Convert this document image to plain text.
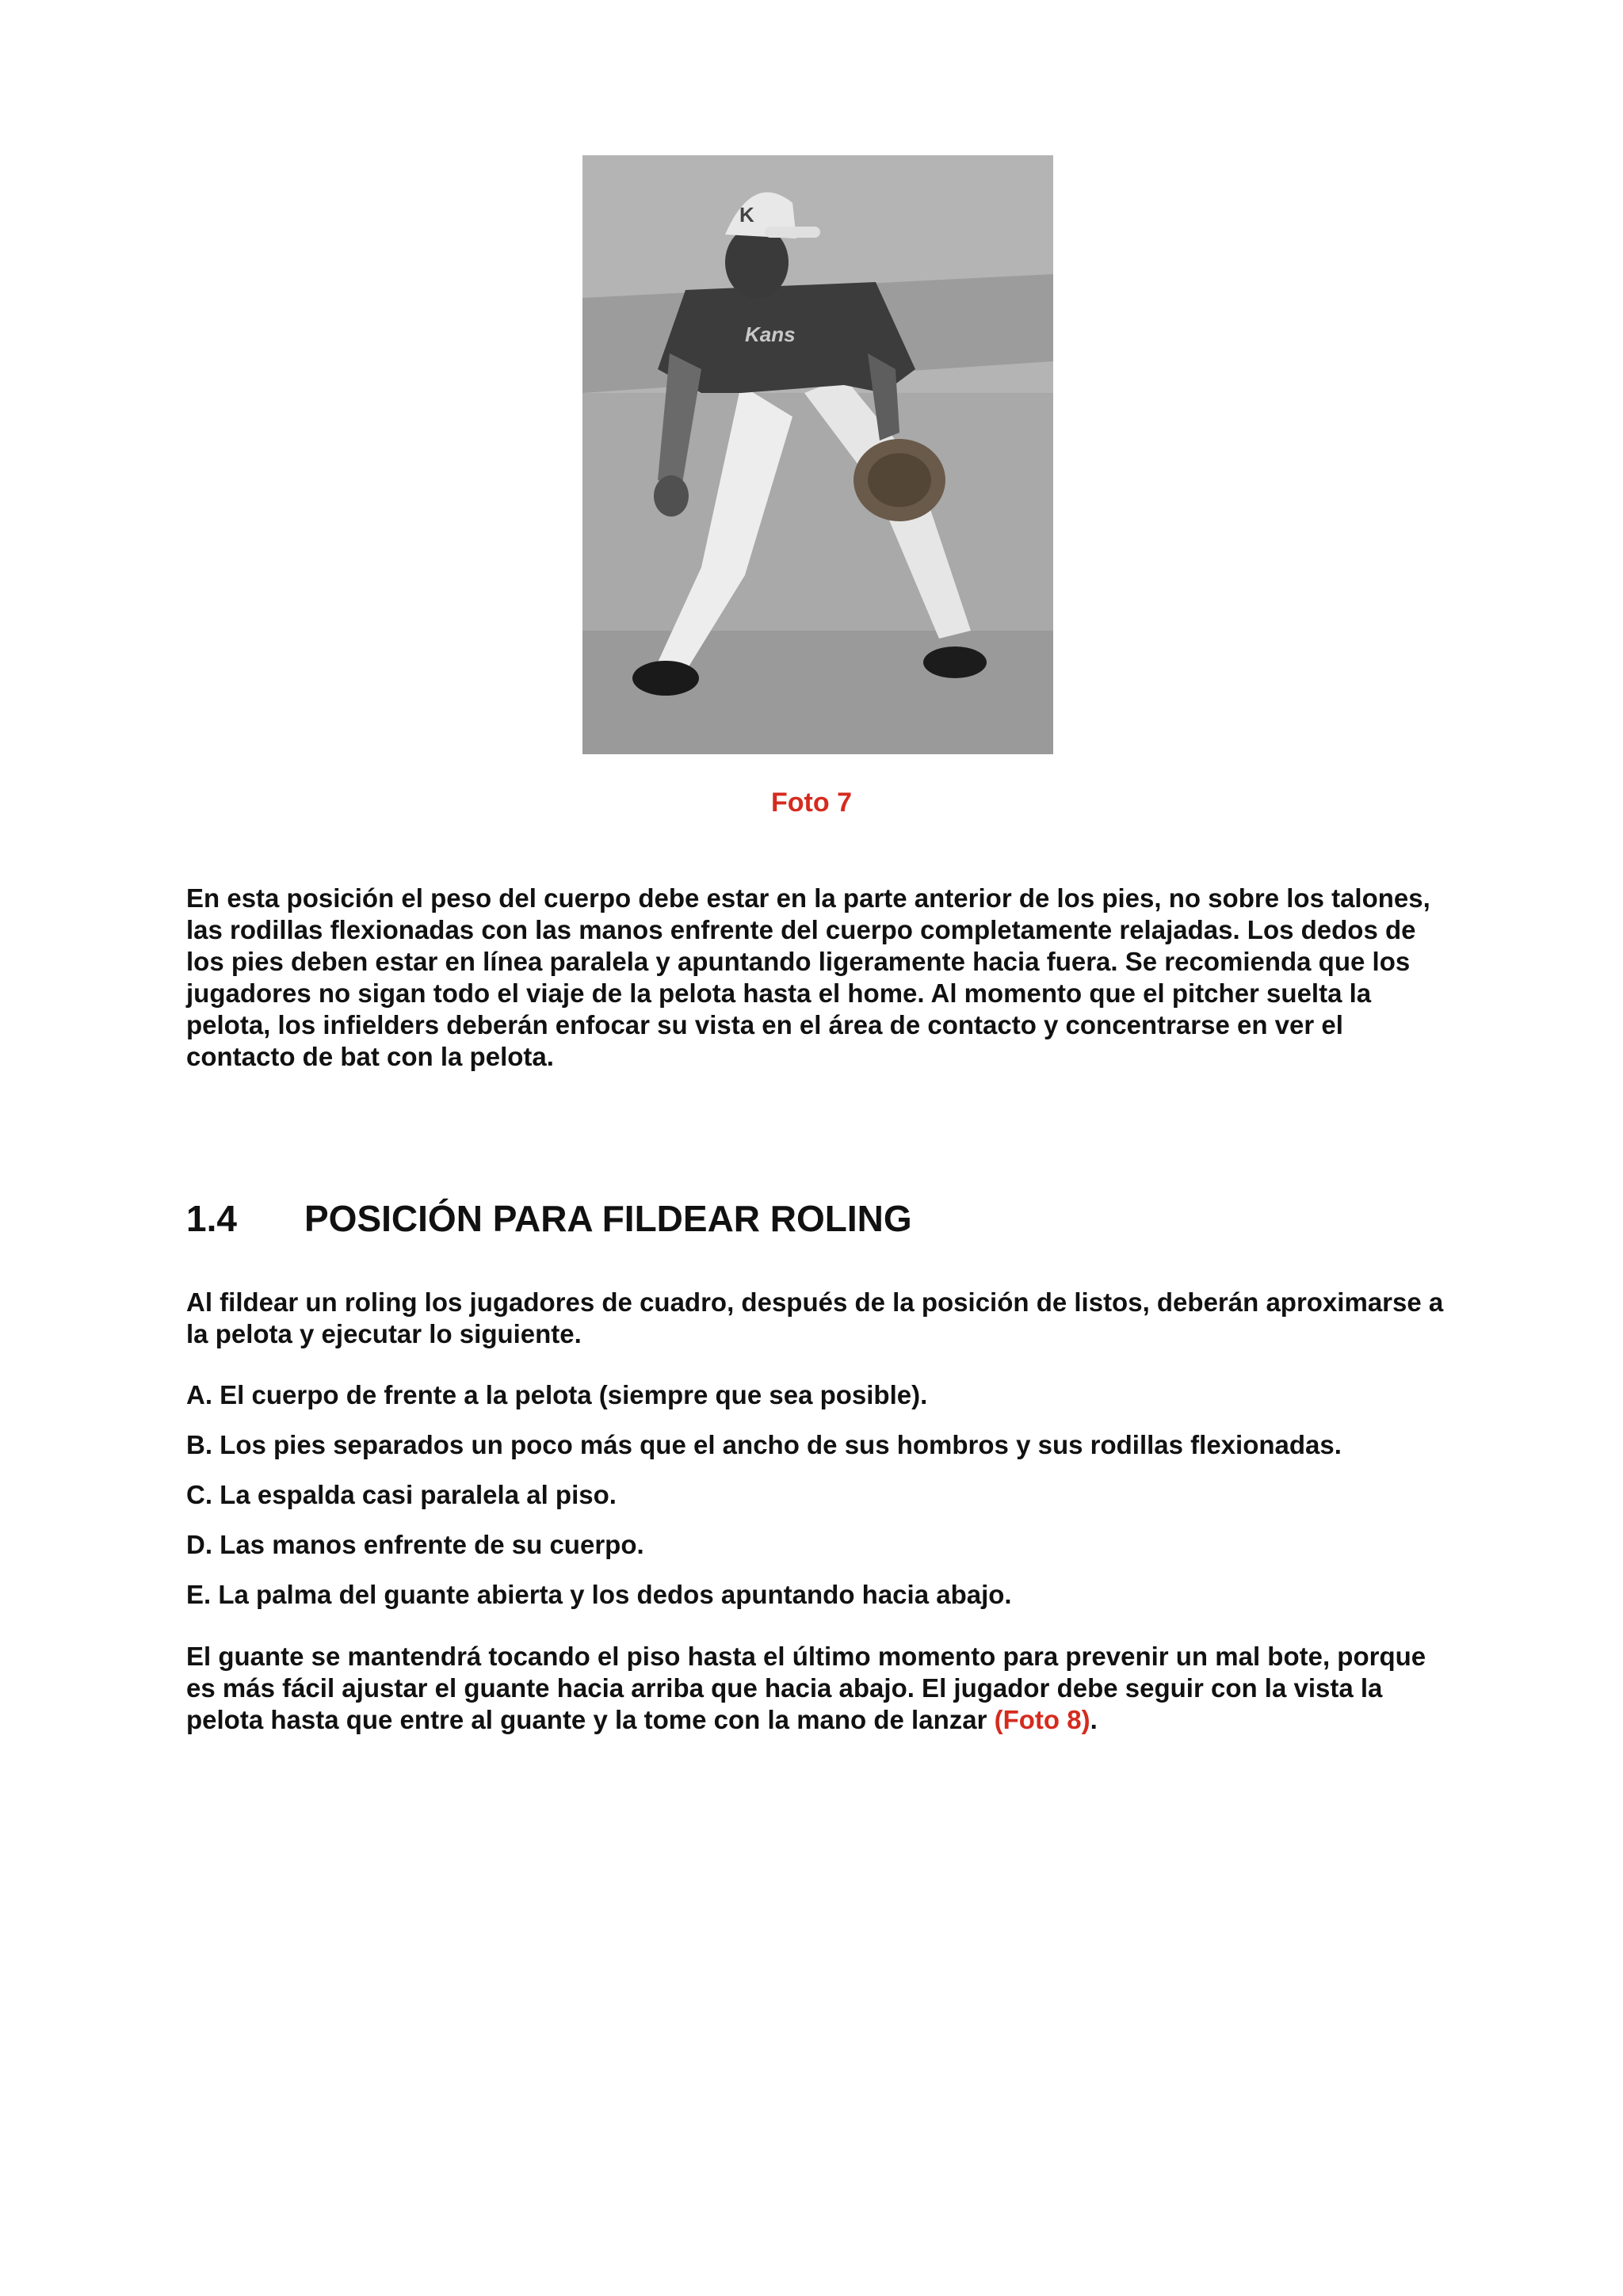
K
Kans
Foto 7

En esta posición el peso del cuerpo debe estar en la parte anterior de los pies, no sobre los talones, las rodillas flexionadas con las manos enfrente del cuerpo completamente relajadas. Los dedos de los pies deben estar en línea paralela y apuntando ligeramente hacia fuera. Se recomienda que los jugadores no sigan todo el viaje de la pelota hasta el home. Al momento que el pitcher suelta la pelota, los infielders deberán enfocar su vista en el área de contacto y concentrarse en ver el contacto de bat con la pelota.

1.4 POSICIÓN PARA FILDEAR ROLING

Al fildear un roling los jugadores de cuadro, después de la posición de listos, deberán aproximarse a la pelota y ejecutar lo siguiente.

A. El cuerpo de frente a la pelota (siempre que sea posible).
B. Los pies separados un poco más que el ancho de sus hombros y sus rodillas flexionadas.
C. La espalda casi paralela al piso.
D. Las manos enfrente de su cuerpo.
E. La palma del guante abierta y los dedos apuntando hacia abajo.

El guante se mantendrá tocando el piso hasta el último momento para prevenir un mal bote, porque es más fácil ajustar el guante hacia arriba que hacia abajo. El jugador debe seguir con la vista la pelota hasta que entre al guante y la tome con la mano de lanzar (Foto 8).
